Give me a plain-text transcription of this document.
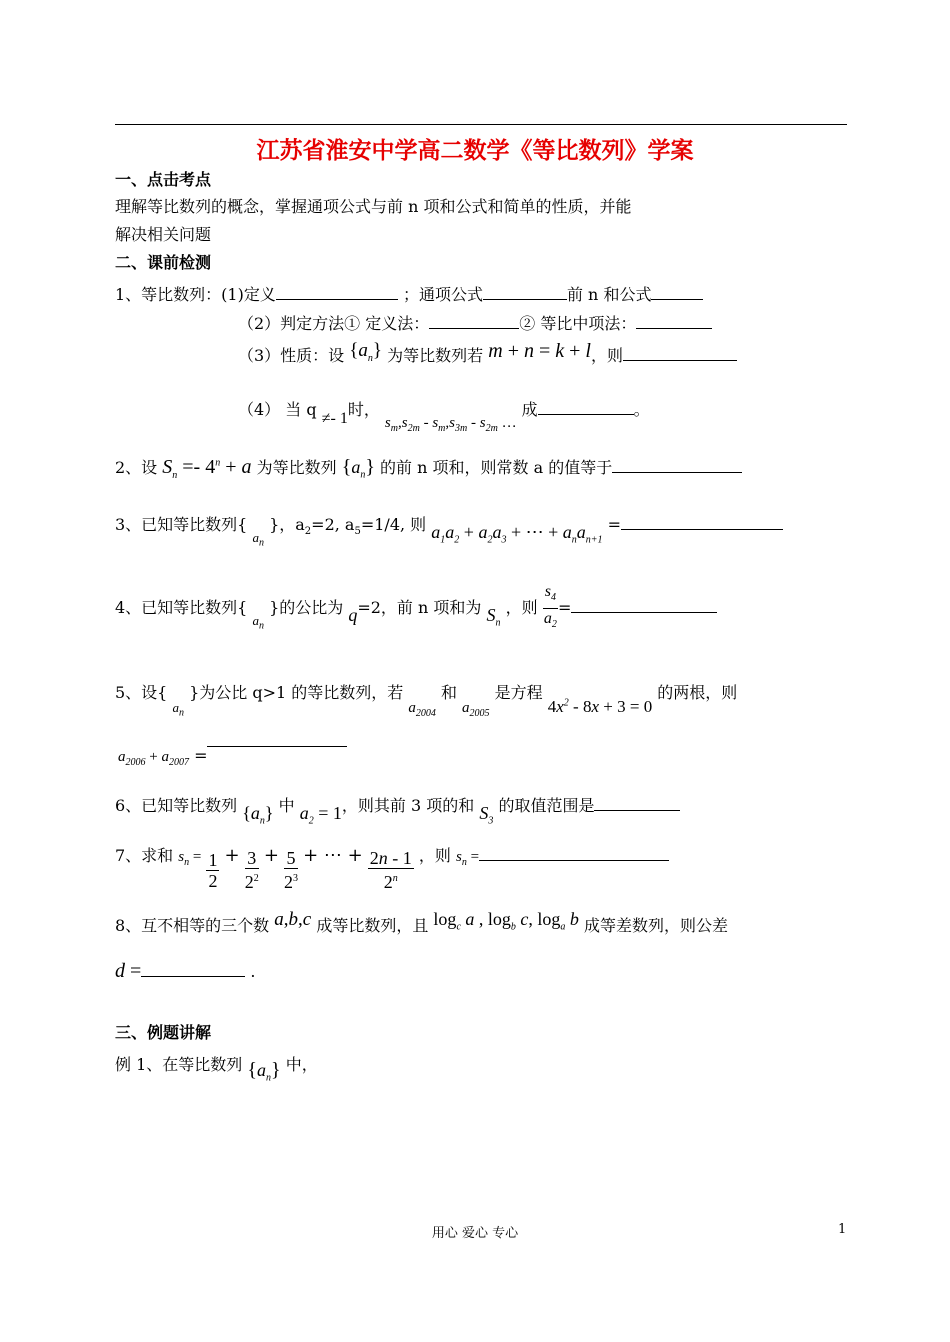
江苏省淮安中学高二数学《等比数列》学案
一、点击考点
理解等比数列的概念，掌握通项公式与前 n 项和公式和简单的性质，并能
解决相关问题
二、课前检测
1、等比数列：(1)定义	；通项公式	前 n 和公式
（2）判定方法① 定义法：	② 等比中项法：
（3）性质：设 $\{a_n\}$ 为等比数列若 m + n = k + l，则
（4） 当 q ≠- 1时， $s_m,s_{2m} - s_m,s_{3m} - s_{2m}$ … 成	。
2、设 $S_n =- 4^n + a$ 为等比数列 $\{a_n\}$ 的前 n 项和，则常数 a 的值等于
3、已知等比数列{ $_{a_n}$ }，$a_2=2$, $a_5=1/4$, 则 $a_1a_2 + a_2a_3$ + ⋯ + $a_na_{n+1}$ =
4、已知等比数列{ $_{a_n}$ }的公比为 q=2，前 n 项和为 $S_n$ ，则 $\frac{s_4}{a_2}$ =
5、设{ $_{a_n}$ }为公比 q>1 的等比数列，若 $a_{2004}$ 和 $a_{2005}$ 是方程 $4x^2 - 8x + 3 = 0$ 的两根，则
$a_{2006} + a_{2007}$ =
6、已知等比数列 $\{a_n\}$ 中 $a_2 = 1$，则其前 3 项的和 $S_3$ 的取值范围是
7、求和 $s_n = \frac{1}{2} + \frac{3}{2^2} + \frac{5}{2^3}$ + ⋯ + $\frac{2n - 1}{2^n}$ ，则 $s_n$ =
8、互不相等的三个数 a,b,c 成等比数列，且 $\log_c a$ , $\log_b c$, $\log_a b$ 成等差数列，则公差
d =	.
三、例题讲解
例 1、在等比数列 $\{a_n\}$ 中，
用心 爱心 专心	1
